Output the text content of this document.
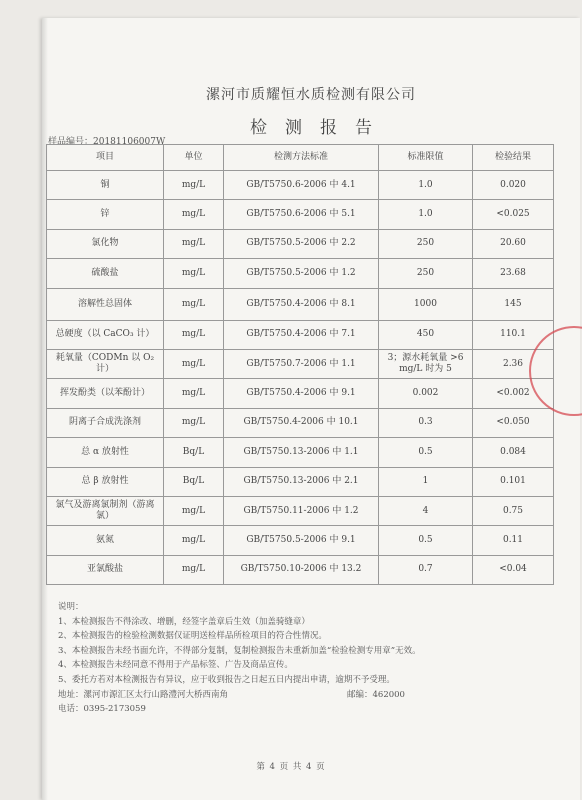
漯河市质耀恒水质检测有限公司
检测报告
样品编号：20181106007W
项目	单位	检测方法标准	标准限值	检验结果
铜	mg/L	GB/T5750.6-2006 中 4.1	1.0	0.020
锌	mg/L	GB/T5750.6-2006 中 5.1	1.0	<0.025
氯化物	mg/L	GB/T5750.5-2006 中 2.2	250	20.60
硫酸盐	mg/L	GB/T5750.5-2006 中 1.2	250	23.68
溶解性总固体	mg/L	GB/T5750.4-2006 中 8.1	1000	145
总硬度（以 CaCO₃ 计）	mg/L	GB/T5750.4-2006 中 7.1	450	110.1
耗氧量（CODMn 以 O₂ 计）	mg/L	GB/T5750.7-2006 中 1.1	3；源水耗氧量 >6 mg/L 时为 5	2.36
挥发酚类（以苯酚计）	mg/L	GB/T5750.4-2006 中 9.1	0.002	<0.002
阴离子合成洗涤剂	mg/L	GB/T5750.4-2006 中 10.1	0.3	<0.050
总 α 放射性	Bq/L	GB/T5750.13-2006 中 1.1	0.5	0.084
总 β 放射性	Bq/L	GB/T5750.13-2006 中 2.1	1	0.101
氯气及游离氯制剂（游离氯）	mg/L	GB/T5750.11-2006 中 1.2	4	0.75
氨氮	mg/L	GB/T5750.5-2006 中 9.1	0.5	0.11
亚氯酸盐	mg/L	GB/T5750.10-2006 中 13.2	0.7	<0.04
说明：
1、本检测报告不得涂改、增删，经签字盖章后生效（加盖骑缝章）
2、本检测报告的检验检测数据仅证明送检样品所检项目的符合性情况。
3、本检测报告未经书面允许，不得部分复制，复制检测报告未重新加盖“检验检测专用章”无效。
4、本检测报告未经同意不得用于产品标签、广告及商品宣传。
5、委托方若对本检测报告有异议，应于收到报告之日起五日内提出申请，逾期不予受理。
地址：漯河市源汇区太行山路澧河大桥西南角	邮编：462000
电话：0395-2173059
第 4 页 共 4 页
